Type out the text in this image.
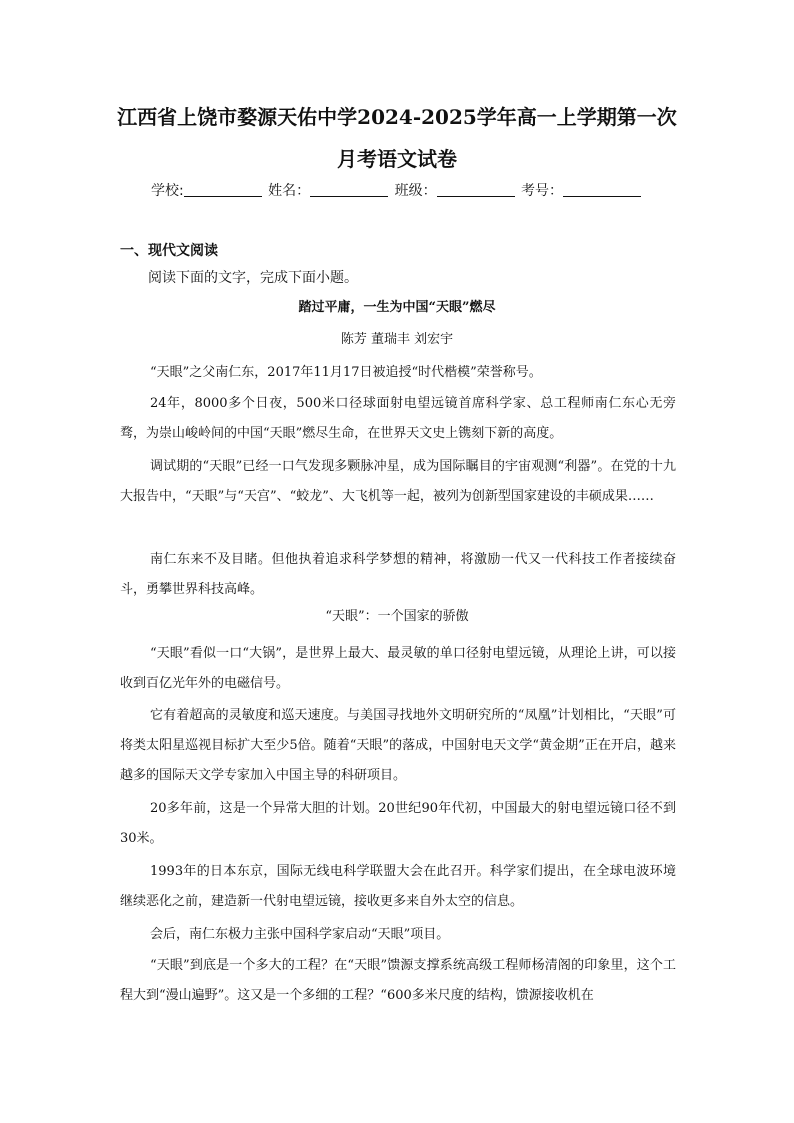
江西省上饶市婺源天佑中学2024-2025学年高一上学期第一次
月考语文试卷
学校:	姓名：	班级：	考号：
一、现代文阅读
阅读下面的文字，完成下面小题。
踏过平庸，一生为中国“天眼”燃尽
陈芳 董瑞丰 刘宏宇
“天眼”之父南仁东，2017年11月17日被追授“时代楷模”荣誉称号。
24年，8000多个日夜，500米口径球面射电望远镜首席科学家、总工程师南仁东心无旁骛，为崇山峻岭间的中国“天眼”燃尽生命，在世界天文史上镌刻下新的高度。
调试期的“天眼”已经一口气发现多颗脉冲星，成为国际瞩目的宇宙观测“利器”。在党的十九大报告中，“天眼”与“天宫”、“蛟龙”、大飞机等一起，被列为创新型国家建设的丰硕成果……
南仁东来不及目睹。但他执着追求科学梦想的精神，将激励一代又一代科技工作者接续奋斗，勇攀世界科技高峰。
“天眼”：一个国家的骄傲
“天眼”看似一口“大锅”，是世界上最大、最灵敏的单口径射电望远镜，从理论上讲，可以接收到百亿光年外的电磁信号。
它有着超高的灵敏度和巡天速度。与美国寻找地外文明研究所的“凤凰”计划相比，“天眼”可将类太阳星巡视目标扩大至少5倍。随着“天眼”的落成，中国射电天文学“黄金期”正在开启，越来越多的国际天文学专家加入中国主导的科研项目。
20多年前，这是一个异常大胆的计划。20世纪90年代初，中国最大的射电望远镜口径不到30米。
1993年的日本东京，国际无线电科学联盟大会在此召开。科学家们提出，在全球电波环境继续恶化之前，建造新一代射电望远镜，接收更多来自外太空的信息。
会后，南仁东极力主张中国科学家启动“天眼”项目。
“天眼”到底是一个多大的工程？在“天眼”馈源支撑系统高级工程师杨清阁的印象里，这个工程大到“漫山遍野”。这又是一个多细的工程？“600多米尺度的结构，馈源接收机在
